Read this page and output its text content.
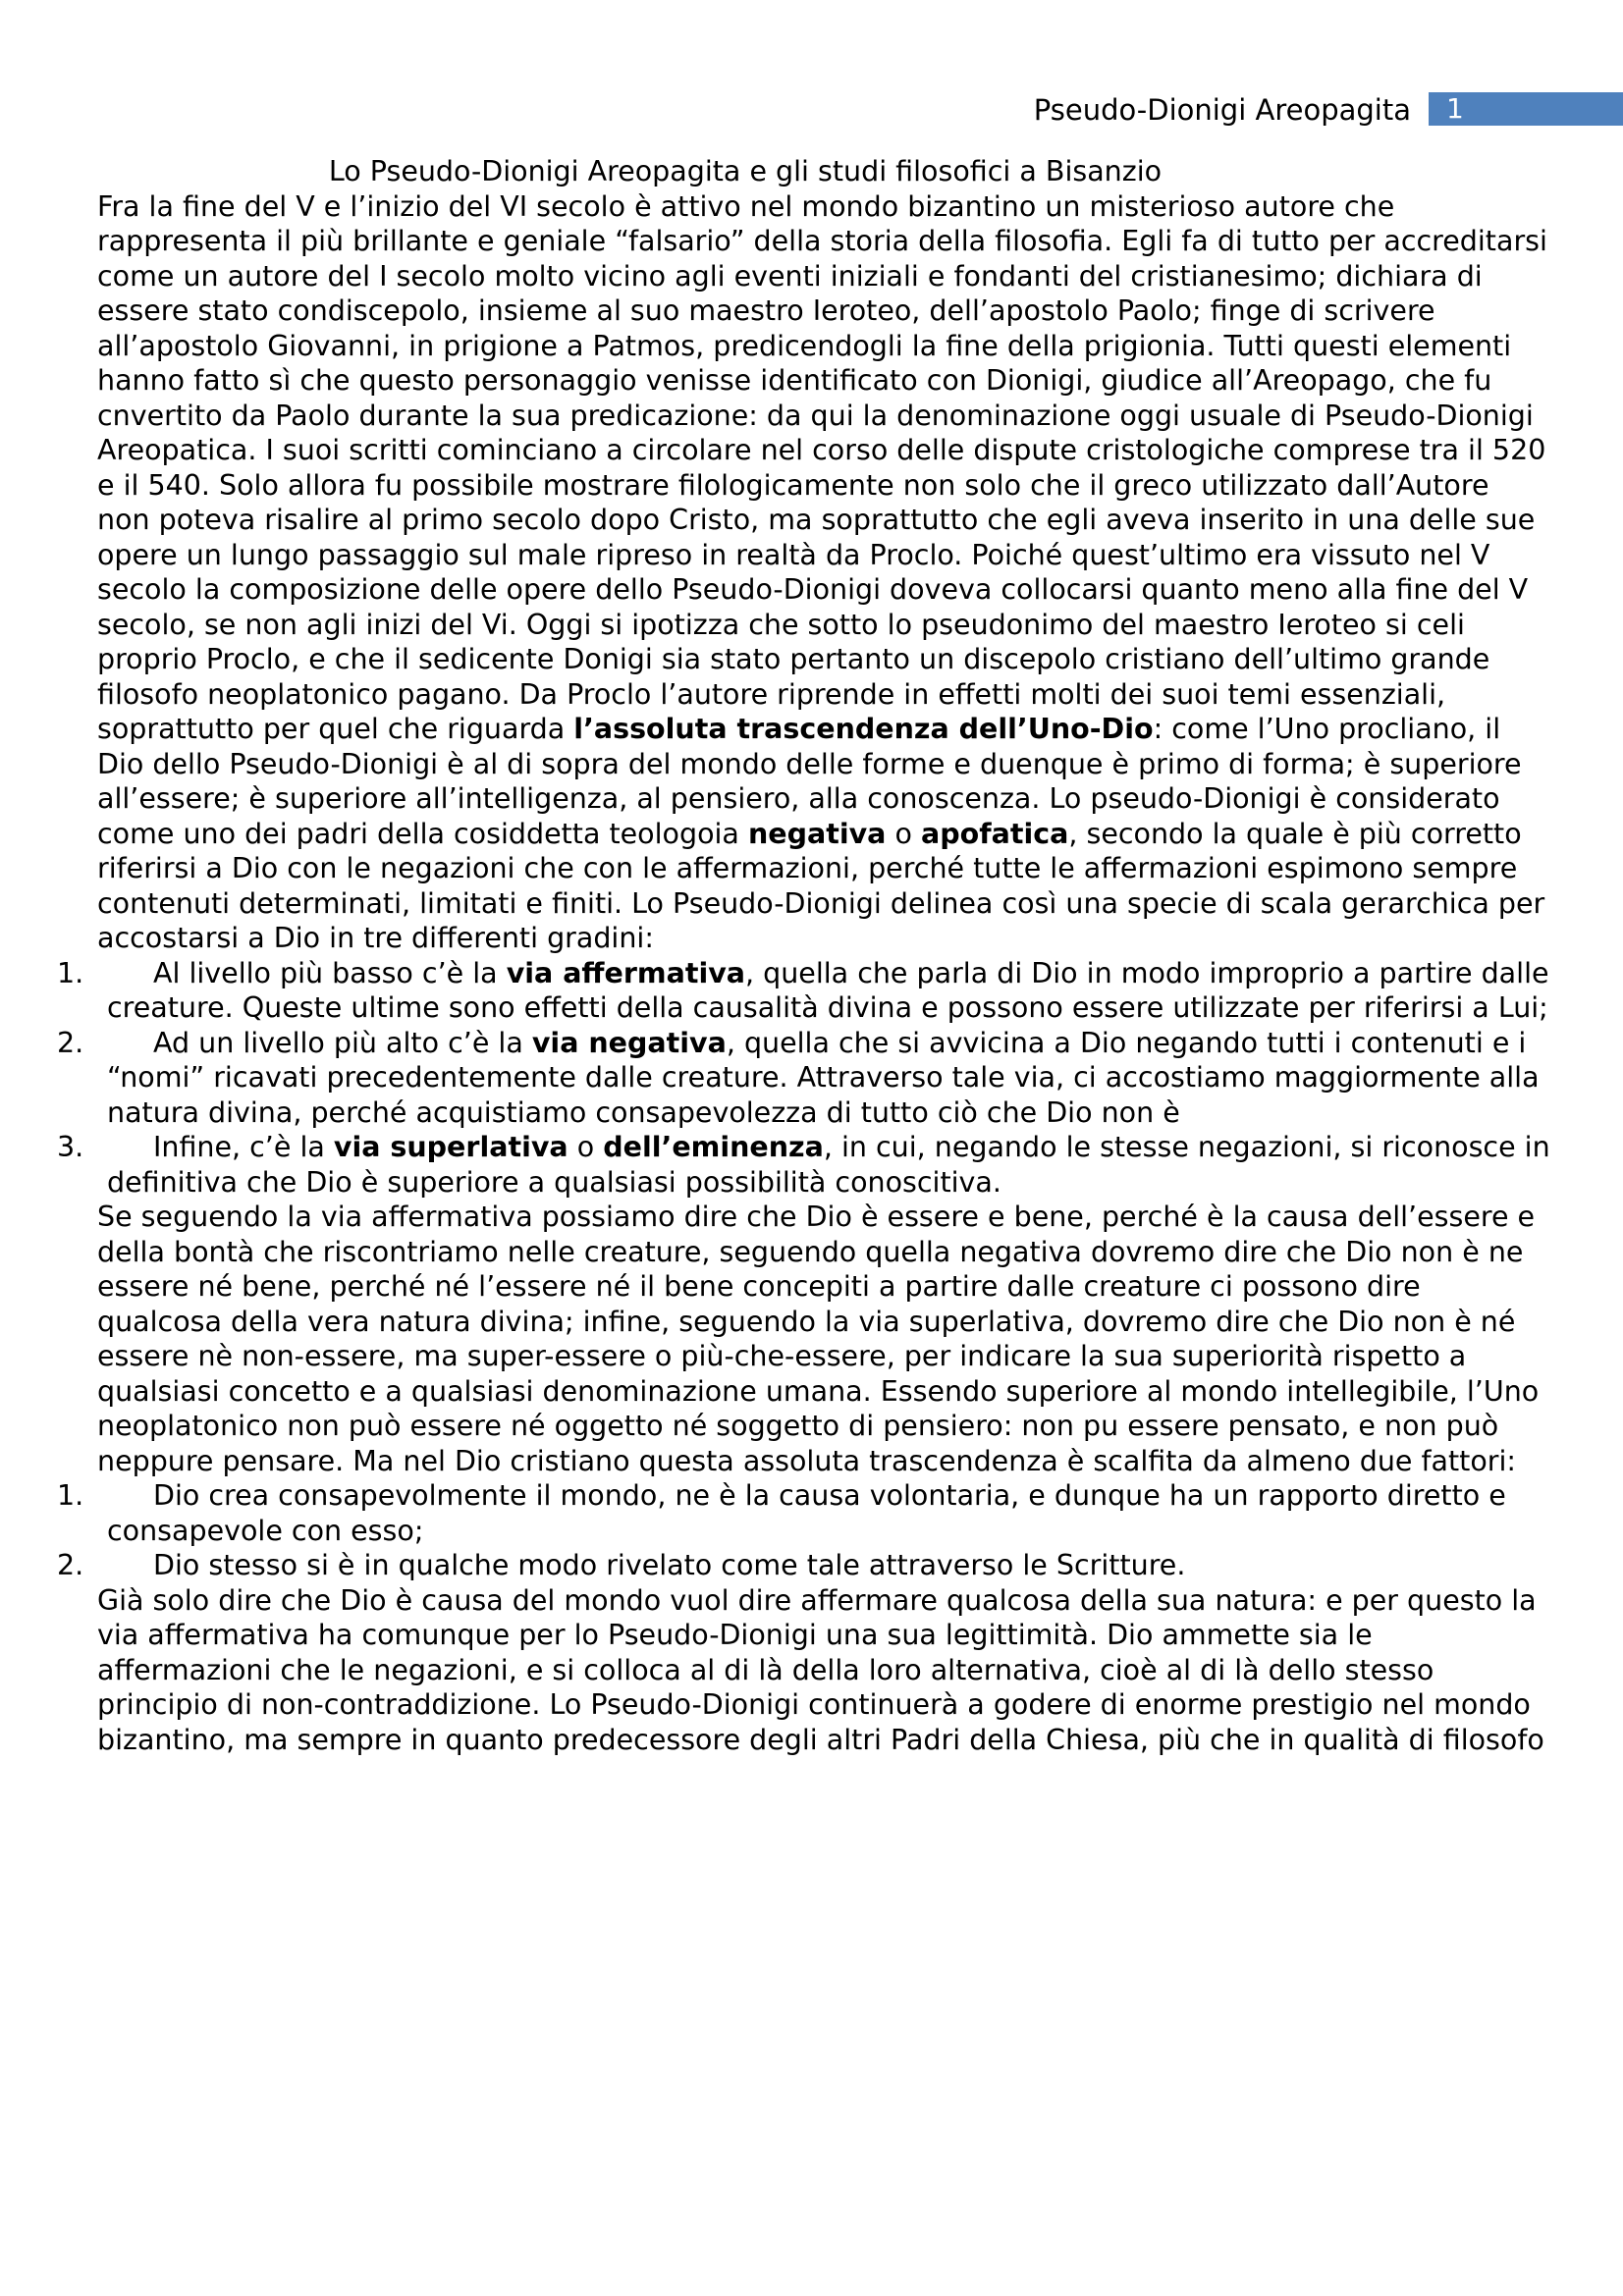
Pseudo-Dionigi Areopagita	1
Lo Pseudo-Dionigi Areopagita e gli studi filosofici a Bisanzio
Fra la fine del V e l’inizio del VI secolo è attivo nel mondo bizantino un misterioso autore che rappresenta il più brillante e geniale “falsario” della storia della filosofia. Egli fa di tutto per accreditarsi come un autore del I secolo molto vicino agli eventi iniziali e fondanti del cristianesimo; dichiara di essere stato condiscepolo, insieme al suo maestro Ieroteo, dell’apostolo Paolo; finge di scrivere all’apostolo Giovanni, in prigione a Patmos, predicendogli la fine della prigionia. Tutti questi elementi hanno fatto sì che questo personaggio venisse identificato con Dionigi, giudice all’Areopago, che fu cnvertito da Paolo durante la sua predicazione: da qui la denominazione oggi usuale di Pseudo-Dionigi Areopatica. I suoi scritti cominciano a circolare nel corso delle dispute cristologiche comprese tra il 520 e il 540. Solo allora fu possibile mostrare filologicamente non solo che il greco utilizzato dall’Autore non poteva risalire al primo secolo dopo Cristo, ma soprattutto che egli aveva inserito in una delle sue opere un lungo passaggio sul male ripreso in realtà da Proclo. Poiché quest’ultimo era vissuto nel V secolo la composizione delle opere dello Pseudo-Dionigi doveva collocarsi quanto meno alla fine del V secolo, se non agli inizi del Vi. Oggi si ipotizza che sotto lo pseudonimo del maestro Ieroteo si celi proprio Proclo, e che il sedicente Donigi sia stato pertanto un discepolo cristiano dell’ultimo grande filosofo neoplatonico pagano. Da Proclo l’autore riprende in effetti molti dei suoi temi essenziali, soprattutto per quel che riguarda l’assoluta trascendenza dell’Uno-Dio: come l’Uno procliano, il Dio dello Pseudo-Dionigi è al di sopra del mondo delle forme e duenque è primo di forma; è superiore all’essere; è superiore all’intelligenza, al pensiero, alla conoscenza. Lo pseudo-Dionigi è considerato come uno dei padri della cosiddetta teologoia negativa o apofatica, secondo la quale è più corretto riferirsi a Dio con le negazioni che con le affermazioni, perché tutte le affermazioni espimono sempre contenuti determinati, limitati e finiti. Lo Pseudo-Dionigi delinea così una specie di scala gerarchica per accostarsi a Dio in tre differenti gradini:
1.	Al livello più basso c’è la via affermativa, quella che parla di Dio in modo improprio a partire dalle creature. Queste ultime sono effetti della causalità divina e possono essere utilizzate per riferirsi a Lui;
2.	Ad un livello più alto c’è la via negativa, quella che si avvicina a Dio negando tutti i contenuti e i “nomi” ricavati precedentemente dalle creature. Attraverso tale via, ci accostiamo maggiormente alla natura divina, perché acquistiamo consapevolezza di tutto ciò che Dio non è
3.	Infine, c’è la via superlativa o dell’eminenza, in cui, negando le stesse negazioni, si riconosce in definitiva che Dio è superiore a qualsiasi possibilità conoscitiva.
Se seguendo la via affermativa possiamo dire che Dio è essere e bene, perché è la causa dell’essere e della bontà che riscontriamo nelle creature, seguendo quella negativa dovremo dire che Dio non è ne essere né bene, perché né l’essere né il bene concepiti a partire dalle creature ci possono dire qualcosa della vera natura divina; infine, seguendo la via superlativa, dovremo dire che Dio non è né essere nè non-essere, ma super-essere o più-che-essere, per indicare la sua superiorità rispetto a qualsiasi concetto e a qualsiasi denominazione umana. Essendo superiore al mondo intellegibile, l’Uno neoplatonico non può essere né oggetto né soggetto di pensiero: non pu essere pensato, e non può neppure pensare. Ma nel Dio cristiano questa assoluta trascendenza è scalfita da almeno due fattori:
1.	Dio crea consapevolmente il mondo, ne è la causa volontaria, e dunque ha un rapporto diretto e consapevole con esso;
2.	Dio stesso si è in qualche modo rivelato come tale attraverso le Scritture.
Già solo dire che Dio è causa del mondo vuol dire affermare qualcosa della sua natura: e per questo la via affermativa ha comunque per lo Pseudo-Dionigi una sua legittimità. Dio ammette sia le affermazioni che le negazioni, e si colloca al di là della loro alternativa, cioè al di là dello stesso principio di non-contraddizione. Lo Pseudo-Dionigi continuerà a godere di enorme prestigio nel mondo bizantino, ma sempre in quanto predecessore degli altri Padri della Chiesa, più che in qualità di filosofo
